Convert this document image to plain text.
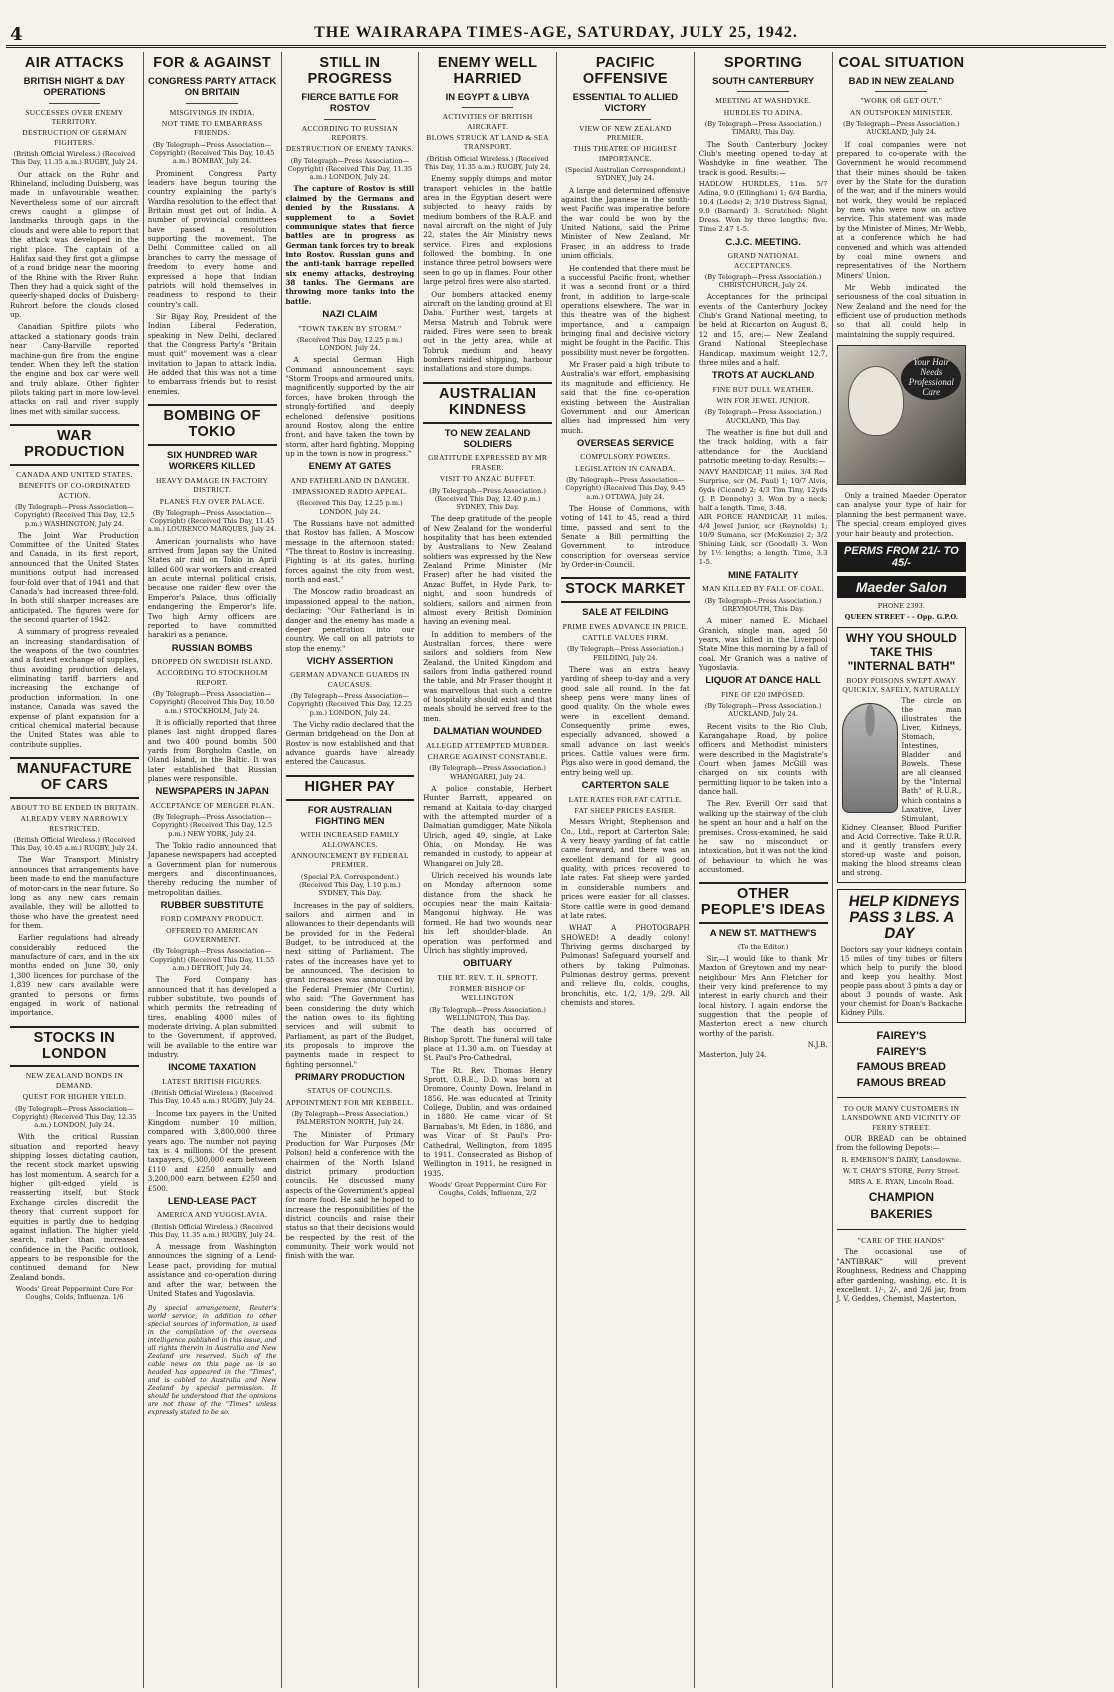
4	THE WAIRARAPA TIMES-AGE, SATURDAY, JULY 25, 1942.
AIR ATTACKS
BRITISH NIGHT & DAY OPERATIONS
SUCCESSES OVER ENEMY TERRITORY.
DESTRUCTION OF GERMAN FIGHTERS.
(British Official Wireless.) (Received This Day, 11.35 a.m.) RUGBY, July 24.

Our attack on the Ruhr and Rhineland, including Duisberg, was made in unfavourable weather. Nevertheless some of our aircraft crews caught a glimpse of landmarks through gaps in the clouds and were able to report that the attack was developed in the right place. The captain of a Halifax said they first got a glimpse of a road bridge near the mooring of the Rhine with the River Ruhr. Then they had a quick sight of the queerly-shaped docks of Duisberg-Ruhrort before the clouds closed up.

Canadian Spitfire pilots who attacked a stationary goods train near Cany-Barville reported machine-gun fire from the engine tender. When they left the station the engine and box car were well and truly ablaze. Other fighter pilots taking part in more low-level attacks on rail and river supply lines met with similar success.

WAR PRODUCTION
CANADA AND UNITED STATES.
BENEFITS OF CO-ORDINATED ACTION.
(By Telegraph—Press Association—Copyright) (Received This Day, 12.5 p.m.) WASHINGTON, July 24.

The Joint War Production Committee of the United States and Canada, in its first report, announced that the United States munitions output had increased four-fold over that of 1941 and that Canada's had increased three-fold. In both still sharper increases are anticipated. The figures were for the second quarter of 1942.

A summary of progress revealed an increasing standardisation of the weapons of the two countries and a fastest exchange of supplies, thus avoiding production delays, eliminating tariff barriers and increasing the exchange of production information. In one instance, Canada was saved the expense of plant expansion for a critical chemical material because the United States was able to contribute supplies.

MANUFACTURE OF CARS
ABOUT TO BE ENDED IN BRITAIN.
ALREADY VERY NARROWLY RESTRICTED.
(British Official Wireless.) (Received This Day, 10.45 a.m.) RUGBY, July 24.

The War Transport Ministry announces that arrangements have been made to end the manufacture of motor-cars in the near future. So long as any new cars remain available, they will be allotted to those who have the greatest need for them.

Earlier regulations had already considerably reduced the manufacture of cars, and in the six months ended on June 30, only 1,300 licences for purchase of the 1,839 new cars available were granted to persons or firms engaged in work of national importance.

STOCKS IN LONDON
NEW ZEALAND BONDS IN DEMAND.
QUEST FOR HIGHER YIELD.
(By Telegraph—Press Association—Copyright) (Received This Day, 12.35 a.m.) LONDON, July 24.

With the critical Russian situation and reported heavy shipping losses dictating caution, the recent stock market upswing has lost momentum. A search for a higher gilt-edged yield is reasserting itself, but Stock Exchange circles discredit the theory that current support for equities is partly due to hedging against inflation. The higher yield search, rather than increased confidence in the Pacific outlook, appears to be responsible for the continued demand for New Zealand bonds.

Woods' Great Peppermint Cure For Coughs, Colds, Influenza. 1/6
FOR & AGAINST
CONGRESS PARTY ATTACK ON BRITAIN
MISGIVINGS IN INDIA.
NOT TIME TO EMBARRASS FRIENDS.
(By Telegraph—Press Association—Copyright) (Received This Day, 10.45 a.m.) BOMBAY, July 24.

Prominent Congress Party leaders have begun touring the country explaining the party's Wardha resolution to the effect that Britain must get out of India. A number of provincial committees have passed a resolution supporting the movement. The Delhi Committee called on all branches to carry the message of freedom to every home and expressed a hope that Indian patriots will hold themselves in readiness to respond to their country's call.

Sir Bijay Roy, President of the Indian Liberal Federation, speaking in New Delhi, declared that the Congress Party's "Britain must quit" movement was a clear invitation to Japan to attack India. He added that this was not a time to embarrass friends but to resist enemies.

BOMBING OF TOKIO
SIX HUNDRED WAR WORKERS KILLED
HEAVY DAMAGE IN FACTORY DISTRICT.
PLANES FLY OVER PALACE.
(By Telegraph—Press Association—Copyright) (Received This Day, 11.45 a.m.) LOURENCO MARQUES, July 24.

American journalists who have arrived from Japan say the United States air raid on Tokio in April killed 600 war workers and created an acute internal political crisis, because one raider flew over the Emperor's Palace, thus officially endangering the Emperor's life. Two high Army officers are reported to have committed harakiri as a penance.

RUSSIAN BOMBS
DROPPED ON SWEDISH ISLAND.
ACCORDING TO STOCKHOLM REPORT.
(By Telegraph—Press Association—Copyright) (Received This Day, 10.50 a.m.) STOCKHOLM, July 24.

It is officially reported that three planes last night dropped flares and two 400 pound bombs 500 yards from Borgholm Castle, on Oland Island, in the Baltic. It was later established that Russian planes were responsible.

NEWSPAPERS IN JAPAN
ACCEPTANCE OF MERGER PLAN.
(By Telegraph—Press Association—Copyright) (Received This Day, 12.5 p.m.) NEW YORK, July 24.

The Tokio radio announced that Japanese newspapers had accepted a Government plan for numerous mergers and discontinuances, thereby reducing the number of metropolitan dailies.

RUBBER SUBSTITUTE
FORD COMPANY PRODUCT.
OFFERED TO AMERICAN GOVERNMENT.
(By Telegraph—Press Association—Copyright) (Received This Day, 11.55 a.m.) DETROIT, July 24.

The Ford Company has announced that it has developed a rubber substitute, two pounds of which permits the retreading of tires, enabling 4000 miles of moderate driving. A plan submitted to the Government, if approved, will be available to the entire war industry.

INCOME TAXATION
LATEST BRITISH FIGURES.
(British Official Wireless.) (Received This Day, 10.45 a.m.) RUGBY, July 24.

Income tax payers in the United Kingdom number 10 million, compared with 3,800,000 three years ago. The number not paying tax is 4 millions. Of the present taxpayers, 6,300,000 earn between £110 and £250 annually and 3,200,000 earn between £250 and £500.

LEND-LEASE PACT
AMERICA AND YUGOSLAVIA.
(British Official Wireless.) (Received This Day, 11.35 a.m.) RUGBY, July 24.

A message from Washington announces the signing of a Lend-Lease pact, providing for mutual assistance and co-operation during and after the war, between the United States and Yugoslavia.

By special arrangement, Reuter's world service, in addition to other special sources of information, is used in the compilation of the overseas intelligence published in this issue, and all rights therein in Australia and New Zealand are reserved. Such of the cable news on this page as is so headed has appeared in the "Times", and is cabled to Australia and New Zealand by special permission. It should be understood that the opinions are not those of the "Times" unless expressly stated to be so.

STILL IN PROGRESS
FIERCE BATTLE FOR ROSTOV
ACCORDING TO RUSSIAN REPORTS.
DESTRUCTION OF ENEMY TANKS.
(By Telegraph—Press Association—Copyright) (Received This Day, 11.35 a.m.) LONDON, July 24.

The capture of Rostov is still claimed by the Germans and denied by the Russians. A supplement to a Soviet communique states that fierce battles are in progress as German tank forces try to break into Rostov. Russian guns and the anti-tank barrage repelled six enemy attacks, destroying 38 tanks. The Germans are throwing more tanks into the battle.

NAZI CLAIM
"TOWN TAKEN BY STORM."
(Received This Day, 12.25 p.m.) LONDON, July 24.

A special German High Command announcement says: "Storm Troops and armoured units, magnificently supported by the air forces, have broken through the strongly-fortified and deeply echeloned defensive positions around Rostov, along the entire front, and have taken the town by storm, after hard fighting. Mopping up in the town is now in progress."

ENEMY AT GATES
AND FATHERLAND IN DANGER.
IMPASSIONED RADIO APPEAL.
(Received This Day, 12.25 p.m.) LONDON, July 24.

The Russians have not admitted that Rostov has fallen. A Moscow message in the afternoon stated: "The threat to Rostov is increasing. Fighting is at its gates, hurling forces against the city from west, north and east."

The Moscow radio broadcast an impassioned appeal to the nation, declaring: "Our Fatherland is in danger and the enemy has made a deeper penetration into our country. We call on all patriots to stop the enemy."

VICHY ASSERTION
GERMAN ADVANCE GUARDS IN CAUCASUS.
(By Telegraph—Press Association—Copyright) (Received This Day, 12.25 p.m.) LONDON, July 24.

The Vichy radio declared that the German bridgehead on the Don at Rostov is now established and that advance guards have already entered the Caucasus.

HIGHER PAY
FOR AUSTRALIAN FIGHTING MEN
WITH INCREASED FAMILY ALLOWANCES.
ANNOUNCEMENT BY FEDERAL PREMIER.
(Special P.A. Correspondent.) (Received This Day, 1.10 p.m.) SYDNEY, This Day.

Increases in the pay of soldiers, sailors and airmen and in allowances to their dependants will be provided for in the Federal Budget, to be introduced at the next sitting of Parliament. The rates of the increases have yet to be announced. The decision to grant increases was announced by the Federal Premier (Mr Curtin), who said: "The Government has been considering the duty which the nation owes to its fighting services and will submit to Parliament, as part of the Budget, its proposals to improve the payments made in respect to fighting personnel."

PRIMARY PRODUCTION
STATUS OF COUNCILS.
APPOINTMENT FOR MR KEBBELL.
(By Telegraph—Press Association.) PALMERSTON NORTH, July 24.

The Minister of Primary Production for War Purposes (Mr Polson) held a conference with the chairmen of the North Island district primary production councils. He discussed many aspects of the Government's appeal for more food. He said he hoped to increase the responsibilities of the district councils and raise their status so that their decisions would be respected by the rest of the community. Their work would not finish with the war.

ENEMY WELL HARRIED
IN EGYPT & LIBYA
ACTIVITIES OF BRITISH AIRCRAFT.
BLOWS STRUCK AT LAND & SEA TRANSPORT.
(British Official Wireless.) (Received This Day, 11.35 a.m.) RUGBY, July 24.

Enemy supply dumps and motor transport vehicles in the battle area in the Egyptian desert were subjected to heavy raids by medium bombers of the R.A.F. and naval aircraft on the night of July 22, states the Air Ministry news service. Fires and explosions followed the bombing. In one instance three petrol bowsers were seen to go up in flames. Four other large petrol fires were also started.

Our bombers attacked enemy aircraft on the landing ground at El Daba. Further west, targets at Mersa Matruh and Tobruk were raided. Fires were seen to break out in the jetty area, while at Tobruk medium and heavy bombers raided shipping, harbour installations and store dumps.

AUSTRALIAN KINDNESS
TO NEW ZEALAND SOLDIERS
GRATITUDE EXPRESSED BY MR FRASER.
VISIT TO ANZAC BUFFET.
(By Telegraph—Press Association.) (Received This Day, 12.40 p.m.) SYDNEY, This Day.

The deep gratitude of the people of New Zealand for the wonderful hospitality that has been extended by Australians to New Zealand soldiers was expressed by the New Zealand Prime Minister (Mr Fraser) after he had visited the Anzac Buffet, in Hyde Park, to-night, and soon hundreds of soldiers, sailors and airmen from almost every British Dominion having an evening meal.

In addition to members of the Australian forces, there were sailors and soldiers from New Zealand, the United Kingdom and sailors from India gathered round the table, and Mr Fraser thought it was marvellous that such a centre of hospitality should exist and that meals should be served free to the men.

DALMATIAN WOUNDED
ALLEGED ATTEMPTED MURDER.
CHARGE AGAINST CONSTABLE.
(By Telegraph—Press Association.) WHANGAREI, July 24.

A police constable, Herbert Hunter Barratt, appeared on remand at Kaitaia to-day charged with the attempted murder of a Dalmatian gumdigger, Mate Nikola Ulrich, aged 49, single, at Lake Ohia, on Monday. He was remanded in custody, to appear at Whangarei on July 28.

Ulrich received his wounds late on Monday afternoon some distance from the shack he occupies near the main Kaitaia-Mangonui highway. He was formed. He had two wounds near his left shoulder-blade. An operation was performed and Ulrich has slightly improved.

OBITUARY
THE RT. REV. T. H. SPROTT.
FORMER BISHOP OF WELLINGTON
(By Telegraph—Press Association.) WELLINGTON, This Day.

The death has occurred of Bishop Sprott. The funeral will take place at 11.30 a.m. on Tuesday at St. Paul's Pro-Cathedral.

The Rt. Rev. Thomas Henry Sprott, O.B.E., D.D. was born at Dromore, County Down, Ireland in 1856. He was educated at Trinity College, Dublin, and was ordained in 1880. He came vicar of St Barnabas's, Mt Eden, in 1886, and was Vicar of St Paul's Pro-Cathedral, Wellington, from 1895 to 1911. Consecrated as Bishop of Wellington in 1911, he resigned in 1935.

Woods' Great Peppermint Cure For Coughs, Colds, Influenza, 2/2
PACIFIC OFFENSIVE
ESSENTIAL TO ALLIED VICTORY
VIEW OF NEW ZEALAND PREMIER.
THIS THEATRE OF HIGHEST IMPORTANCE.
(Special Australian Correspondent.) SYDNEY, July 24.

A large and determined offensive against the Japanese in the south-west Pacific was imperative before the war could be won by the United Nations, said the Prime Minister of New Zealand, Mr Fraser, in an address to trade union officials.

He contended that there must be a successful Pacific front, whether it was a second front or a third front, in addition to large-scale operations elsewhere. The war in this theatre was of the highest importance, and a campaign bringing final and decisive victory might be fought in the Pacific. This possibility must never be forgotten.

Mr Fraser paid a high tribute to Australia's war effort, emphasising its magnitude and efficiency. He said that the fine co-operation existing between the Australian Government and our American allies had impressed him very much.

OVERSEAS SERVICE
COMPULSORY POWERS.
LEGISLATION IN CANADA.
(By Telegraph—Press Association—Copyright) (Received This Day, 9.45 a.m.) OTTAWA, July 24.

The House of Commons, with voting of 141 to 45, read a third time, passed and sent to the Senate a Bill permitting the Government to introduce conscription for overseas service by Order-in-Council.

STOCK MARKET
SALE AT FEILDING
PRIME EWES ADVANCE IN PRICE.
CATTLE VALUES FIRM.
(By Telegraph—Press Association.) FEILDING, July 24.

There was an extra heavy yarding of sheep to-day and a very good sale all round. In the fat sheep pens were many lines of good quality. On the whole ewes were in excellent demand. Consequently prime ewes, especially advanced, showed a small advance on last week's prices. Cattle values were firm. Pigs also were in good demand, the entry being well up.

CARTERTON SALE
LATE RATES FOR FAT CATTLE.
FAT SHEEP PRICES EASIER.

Messrs Wright, Stephenson and Co., Ltd., report at Carterton Sale: A very heavy yarding of fat cattle came forward, and there was an excellent demand for all good quality, with prices recovered to late rates. Fat sheep were yarded in considerable numbers and prices were easier for all classes. Store cattle were in good demand at late rates.

WHAT A PHOTOGRAPH SHOWED! A deadly colony! Thriving germs discharged by Pulmonas! Safeguard yourself and others by taking Pulmonas. Pulmonas destroy germs, prevent and relieve flu, colds, coughs, bronchitis, etc. 1/2, 1/9, 2/9. All chemists and stores.

SPORTING
SOUTH CANTERBURY
MEETING AT WASHDYKE.
HURDLES TO ADINA.
(By Telegraph—Press Association.) TIMARU, This Day.

The South Canterbury Jockey Club's meeting opened to-day at Washdyke in fine weather. The track is good. Results:—

HADLOW HURDLES, 11m. 5/7 Adina, 9.0 (Ellingham) 1; 6/4 Bardia, 10.4 (Leeds) 2; 3/10 Distress Signal, 9.0 (Barnard) 3. Scratched: Night Dress. Won by three lengths; five. Time 2.47 1-5.

C.J.C. MEETING.
GRAND NATIONAL ACCEPTANCES.
(By Telegraph—Press Association.) CHRISTCHURCH, July 24.

Acceptances for the principal events of the Canterbury Jockey Club's Grand National meeting, to be held at Riccarton on August 8, 12 and 15, are:— New Zealand Grand National Steeplechase Handicap, maximum weight 12.7, three miles and a half.

TROTS AT AUCKLAND
FINE BUT DULL WEATHER.
WIN FOR JEWEL JUNIOR.
(By Telegraph—Press Association.) AUCKLAND, This Day.

The weather is fine but dull and the track holding, with a fair attendance for the Auckland patriotic meeting to-day. Results:—

NAVY HANDICAP, 11 miles. 3/4 Red Surprise, scr (M. Paul) 1; 10/7 Alvis, 6yds (Cicand) 2; 4/3 Tim Tiny, 12yds (J. P. Dennehy) 3. Won by a neck; half a length. Time, 3.48.

AIR FORCE HANDICAP, 11 miles. 4/4 Jewel Junior, scr (Reynolds) 1; 10/9 Sumana, scr (McKenzie) 2; 3/2 Shining Link, scr (Goodall) 3. Won by 1½ lengths; a length. Time, 3.3 1-5.

MINE FATALITY
MAN KILLED BY FALL OF COAL.
(By Telegraph—Press Association.) GREYMOUTH, This Day.

A miner named E. Michael Granich, single man, aged 50 years, was killed in the Liverpool State Mine this morning by a fall of coal. Mr Granich was a native of Yugoslavia.

LIQUOR AT DANCE HALL
FINE OF £20 IMPOSED.
(By Telegraph—Press Association.) AUCKLAND, July 24.

Recent visits to the Rio Club, Karangahape Road, by police officers and Methodist ministers were described in the Magistrate's Court when James McGill was charged on six counts with permitting liquor to be taken into a dance hall.

The Rev. Everill Orr said that walking up the stairway of the club he spent an hour and a half on the premises. Cross-examined, he said he saw no misconduct or intoxication, but it was not the kind of behaviour to which he was accustomed.

OTHER PEOPLE'S IDEAS
A NEW ST. MATTHEW'S
(To the Editor.)

Sir,—I would like to thank Mr Maxton of Greytown and my near-neighbour Mrs Ann Fletcher for their very kind preference to my interest in early church and their local history. I again endorse the suggestion that the people of Masterton erect a new church worthy of the parish.

N.J.B.
Masterton, July 24.
COAL SITUATION
BAD IN NEW ZEALAND
"WORK OR GET OUT."
AN OUTSPOKEN MINISTER.
(By Telegraph—Press Association.) AUCKLAND, July 24.

If coal companies were not prepared to co-operate with the Government he would recommend that their mines should be taken over by the State for the duration of the war, and if the miners would not work, they would be replaced by men who were now on active service. This statement was made by the Minister of Mines, Mr Webb, at a conference which he had convened and which was attended by coal mine owners and representatives of the Northern Miners' Union.

Mr Webb indicated the seriousness of the coal situation in New Zealand and the need for the efficient use of production methods so that all could help in maintaining the supply required.

Your Hair Needs Professional Care

Only a trained Maeder Operator can analyse your type of hair for planning the best permanent wave. The special cream employed gives your hair beauty and protection.

PERMS FROM 21/- TO 45/-
Maeder Salon
PHONE 2393.
QUEEN STREET - - Opp. G.P.O.
WHY YOU SHOULD TAKE THIS
"INTERNAL BATH"
BODY POISONS SWEPT AWAY QUICKLY, SAFELY, NATURALLY

The circle on the man illustrates the Liver, Kidneys, Stomach, Intestines, Bladder and Bowels. These are all cleansed by the "Internal Bath" of R.U.R., which contains a Laxative, Liver Stimulant, Kidney Cleanser, Blood Purifier and Acid Corrective. Take R.U.R. and it gently transfers every stored-up waste and poison, making the blood streams clean and strong.

HELP KIDNEYS PASS 3 LBS. A DAY

Doctors say your kidneys contain 15 miles of tiny tubes or filters which help to purify the blood and keep you healthy. Most people pass about 3 pints a day or about 3 pounds of waste. Ask your chemist for Doan's Backache Kidney Pills.

FAIREY'S
FAIREY'S
FAMOUS BREAD
FAMOUS BREAD
TO OUR MANY CUSTOMERS IN LANSDOWNE AND VICINITY OF FERRY STREET.

OUR BREAD can be obtained from the following Depots:—

R. EMERSON'S DAIRY, Lansdowne.
W. T. CHAY'S STORE, Ferry Street.
MRS A. E. RYAN, Lincoln Road.
CHAMPION BAKERIES
"CARE OF THE HANDS"

The occasional use of "ANTIBRAK" will prevent Roughness, Redness and Chapping after gardening, washing, etc. It is excellent. 1/-, 2/-, and 2/6 jar, from J. V. Geddes, Chemist, Masterton.
